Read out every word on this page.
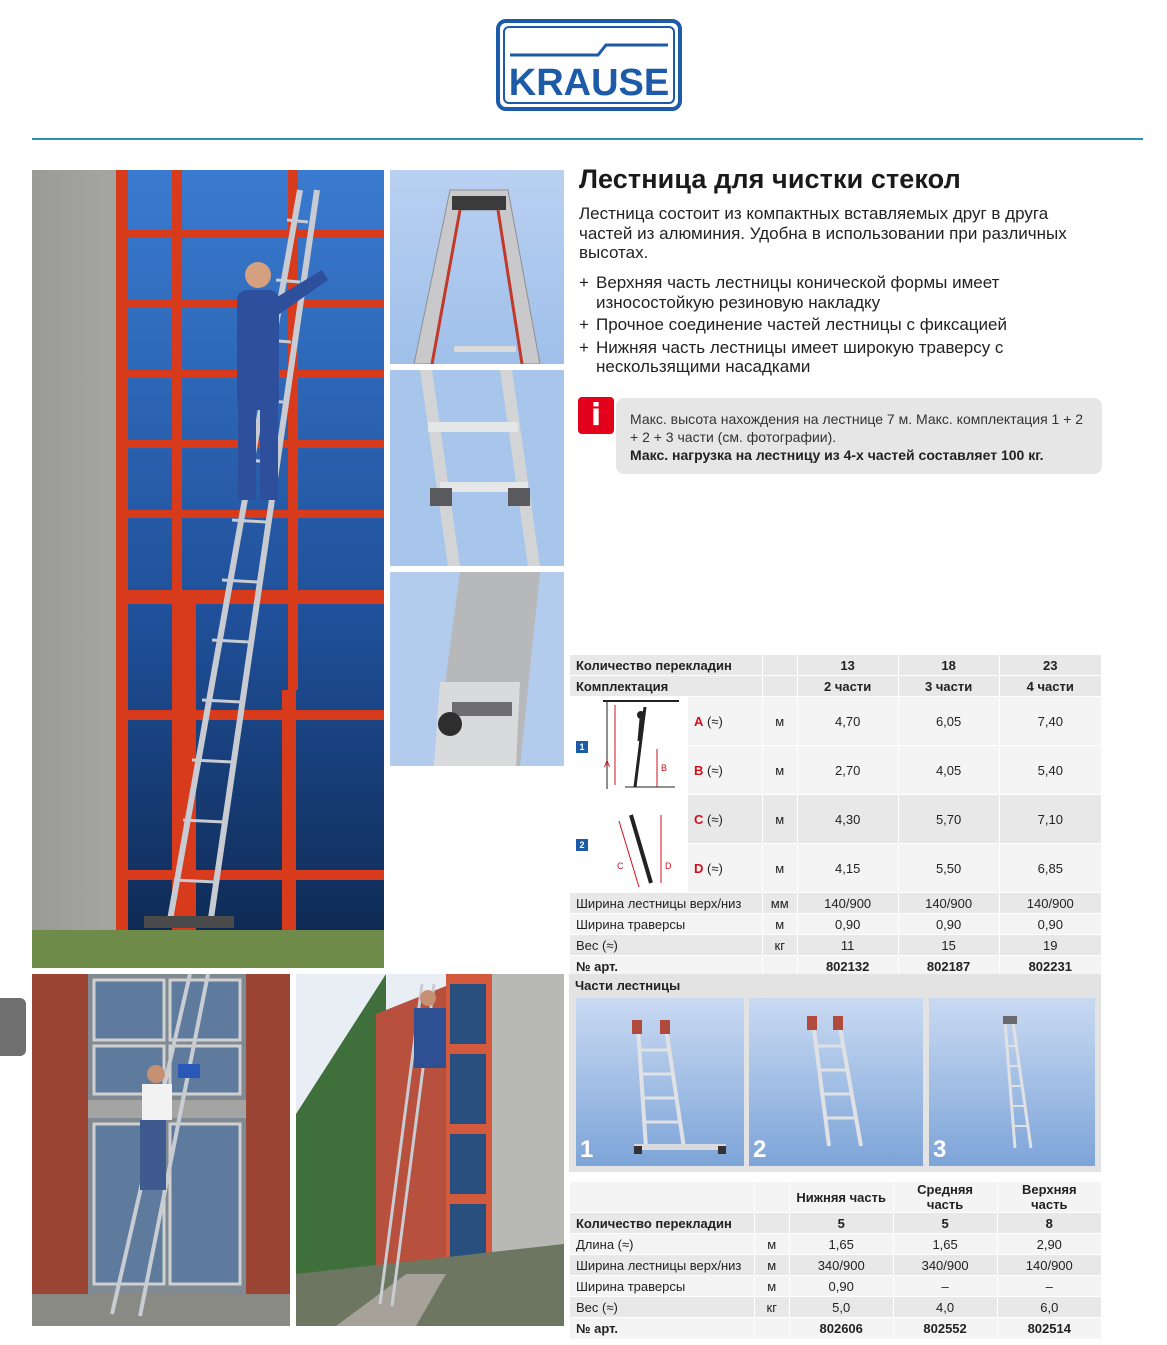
KRAUSE
Лестница для чистки стекол

Лестница состоит из компактных вставляемых друг в друга частей из алюминия. Удобна в использовании при различных высотах.

+ Верхняя часть лестницы конической формы имеет износостойкую резиновую накладку
+ Прочное соединение частей лестницы с фиксацией
+ Нижняя часть лестницы имеет широкую траверсу с нескользящими насадками
i	Макс. высота нахождения на лестнице 7 м. Макс. комплектация 1 + 2 + 2 + 3 части (см. фотографии).
Макс. нагрузка на лестницу из 4-х частей составляет 100 кг.
Количество перекладин				13	18	23
Комплектация				2 части	3 части	4 части
1	A B	A (≈)	м	4,70	6,05	7,40
		B (≈)	м	2,70	4,05	5,40
2	C D	C (≈)	м	4,30	5,70	7,10
		D (≈)	м	4,15	5,50	6,85
Ширина лестницы верх/низ			мм	140/900	140/900	140/900
Ширина траверсы			м	0,90	0,90	0,90
Вес (≈)			кг	11	15	19
№ арт.				802132	802187	802231
Части лестницы
1	2	3
		Нижняя часть	Средняя часть	Верхняя часть
Количество перекладин		5	5	8
Длина (≈)	м	1,65	1,65	2,90
Ширина лестницы верх/низ	м	340/900	340/900	140/900
Ширина траверсы	м	0,90	–	–
Вес (≈)	кг	5,0	4,0	6,0
№ арт.		802606	802552	802514
